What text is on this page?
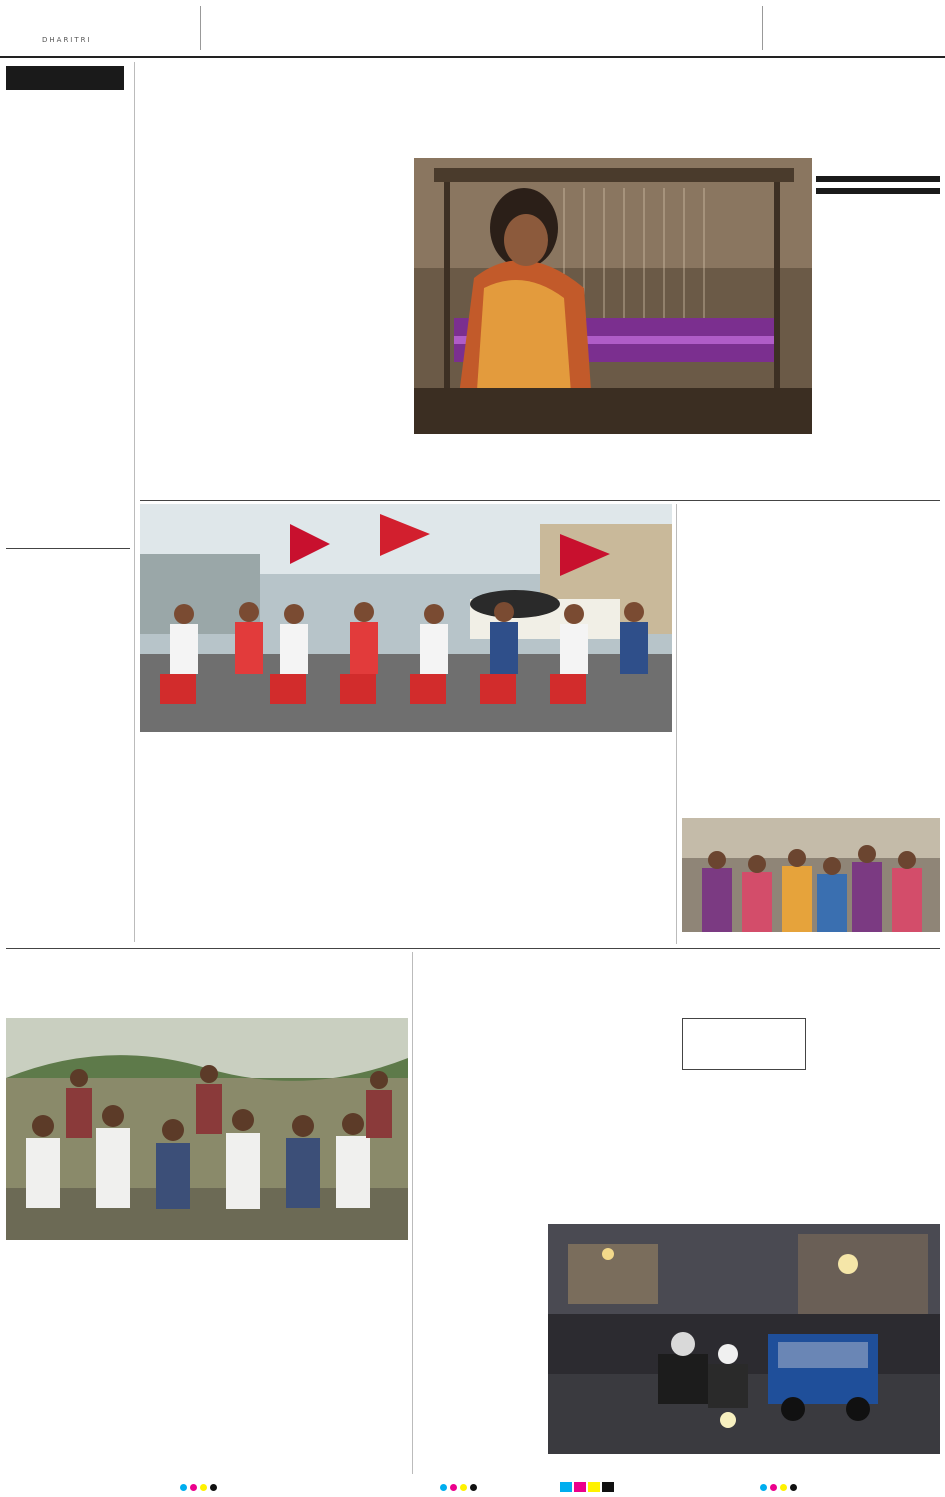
DHARITRI
